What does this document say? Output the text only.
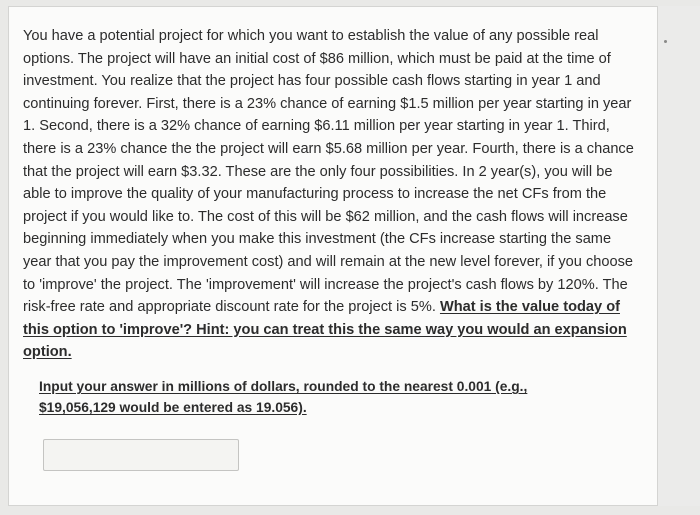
You have a potential project for which you want to establish the value of any possible real options. The project will have an initial cost of $86 million, which must be paid at the time of investment. You realize that the project has four possible cash flows starting in year 1 and continuing forever. First, there is a 23% chance of earning $1.5 million per year starting in year 1. Second, there is a 32% chance of earning $6.11 million per year starting in year 1. Third, there is a 23% chance the the project will earn $5.68 million per year. Fourth, there is a chance that the project will earn $3.32. These are the only four possibilities. In 2 year(s), you will be able to improve the quality of your manufacturing process to increase the net CFs from the project if you would like to. The cost of this will be $62 million, and the cash flows will increase beginning immediately when you make this investment (the CFs increase starting the same year that you pay the improvement cost) and will remain at the new level forever, if you choose to 'improve' the project. The 'improvement' will increase the project's cash flows by 120%. The risk-free rate and appropriate discount rate for the project is 5%. What is the value today of this option to 'improve'? Hint: you can treat this the same way you would an expansion option.

Input your answer in millions of dollars, rounded to the nearest 0.001 (e.g., $19,056,129 would be entered as 19.056).
